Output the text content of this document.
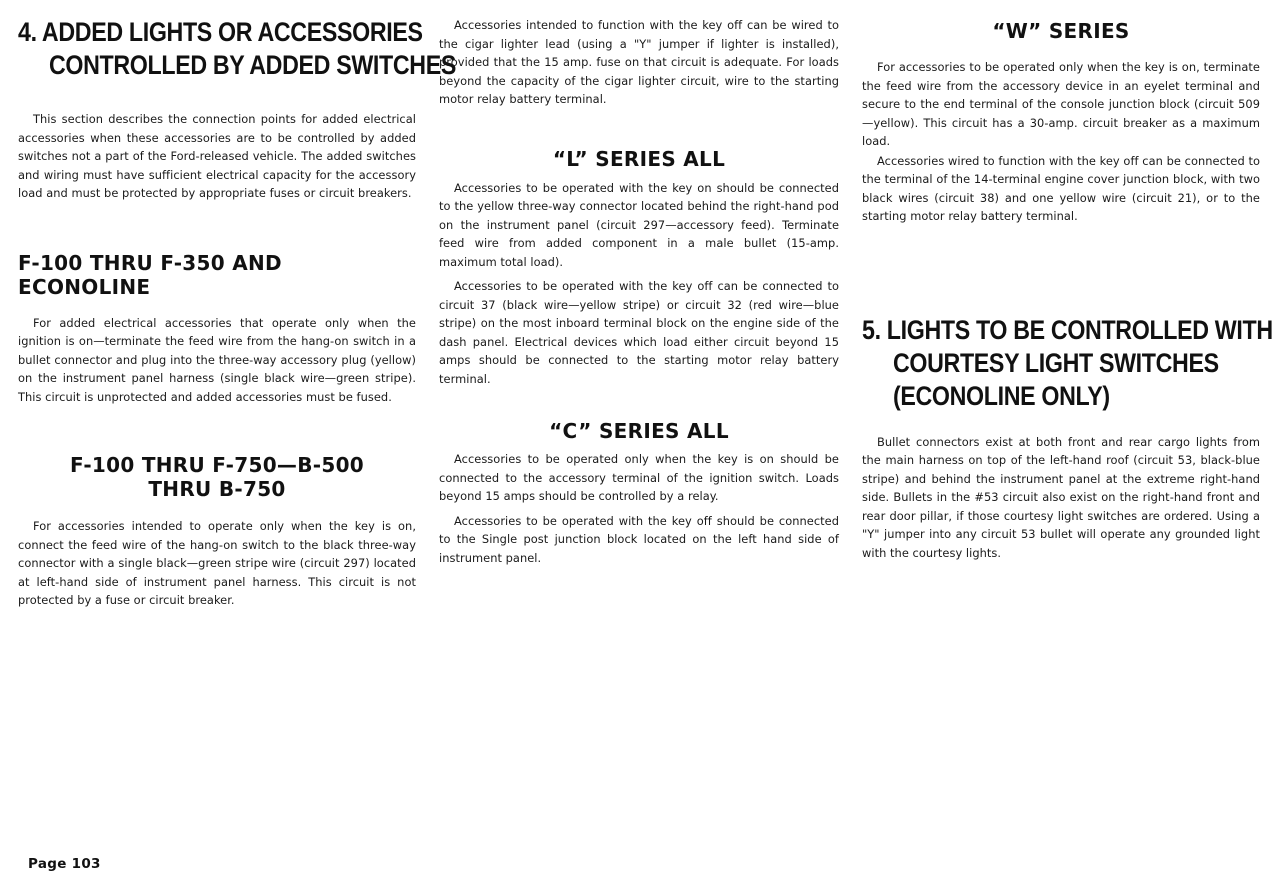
4. ADDED LIGHTS OR ACCESSORIES
CONTROLLED BY ADDED SWITCHES

This section describes the connection points for added electrical accessories when these accessories are to be controlled by added switches not a part of the Ford-released vehicle. The added switches and wiring must have sufficient electrical capacity for the accessory load and must be protected by appropriate fuses or circuit breakers.

F-100 THRU F-350 AND ECONOLINE

For added electrical accessories that operate only when the ignition is on—terminate the feed wire from the hang-on switch in a bullet connector and plug into the three-way accessory plug (yellow) on the instrument panel harness (single black wire—green stripe). This circuit is unprotected and added accessories must be fused.

F-100 THRU F-750—B-500
THRU B-750

For accessories intended to operate only when the key is on, connect the feed wire of the hang-on switch to the black three-way connector with a single black—green stripe wire (circuit 297) located at left-hand side of instrument panel harness. This circuit is not protected by a fuse or circuit breaker.

Accessories intended to function with the key off can be wired to the cigar lighter lead (using a "Y" jumper if lighter is installed), provided that the 15 amp. fuse on that circuit is adequate. For loads beyond the capacity of the cigar lighter circuit, wire to the starting motor relay battery terminal.

“L” SERIES ALL

Accessories to be operated with the key on should be connected to the yellow three-way connector located behind the right-hand pod on the instrument panel (circuit 297—accessory feed). Terminate feed wire from added component in a male bullet (15-amp. maximum total load).

Accessories to be operated with the key off can be connected to circuit 37 (black wire—yellow stripe) or circuit 32 (red wire—blue stripe) on the most inboard terminal block on the engine side of the dash panel. Electrical devices which load either circuit beyond 15 amps should be connected to the starting motor relay battery terminal.

“C” SERIES ALL

Accessories to be operated only when the key is on should be connected to the accessory terminal of the ignition switch. Loads beyond 15 amps should be controlled by a relay.

Accessories to be operated with the key off should be connected to the Single post junction block located on the left hand side of instrument panel.

“W” SERIES

For accessories to be operated only when the key is on, terminate the feed wire from the accessory device in an eyelet terminal and secure to the end terminal of the console junction block (circuit 509—yellow). This circuit has a 30-amp. circuit breaker as a maximum load.

Accessories wired to function with the key off can be connected to the terminal of the 14-terminal engine cover junction block, with two black wires (circuit 38) and one yellow wire (circuit 21), or to the starting motor relay battery terminal.

5. LIGHTS TO BE CONTROLLED WITH
COURTESY LIGHT SWITCHES
(ECONOLINE ONLY)

Bullet connectors exist at both front and rear cargo lights from the main harness on top of the left-hand roof (circuit 53, black-blue stripe) and behind the instrument panel at the extreme right-hand side. Bullets in the #53 circuit also exist on the right-hand front and rear door pillar, if those courtesy light switches are ordered. Using a "Y" jumper into any circuit 53 bullet will operate any grounded light with the courtesy lights.

Page 103
